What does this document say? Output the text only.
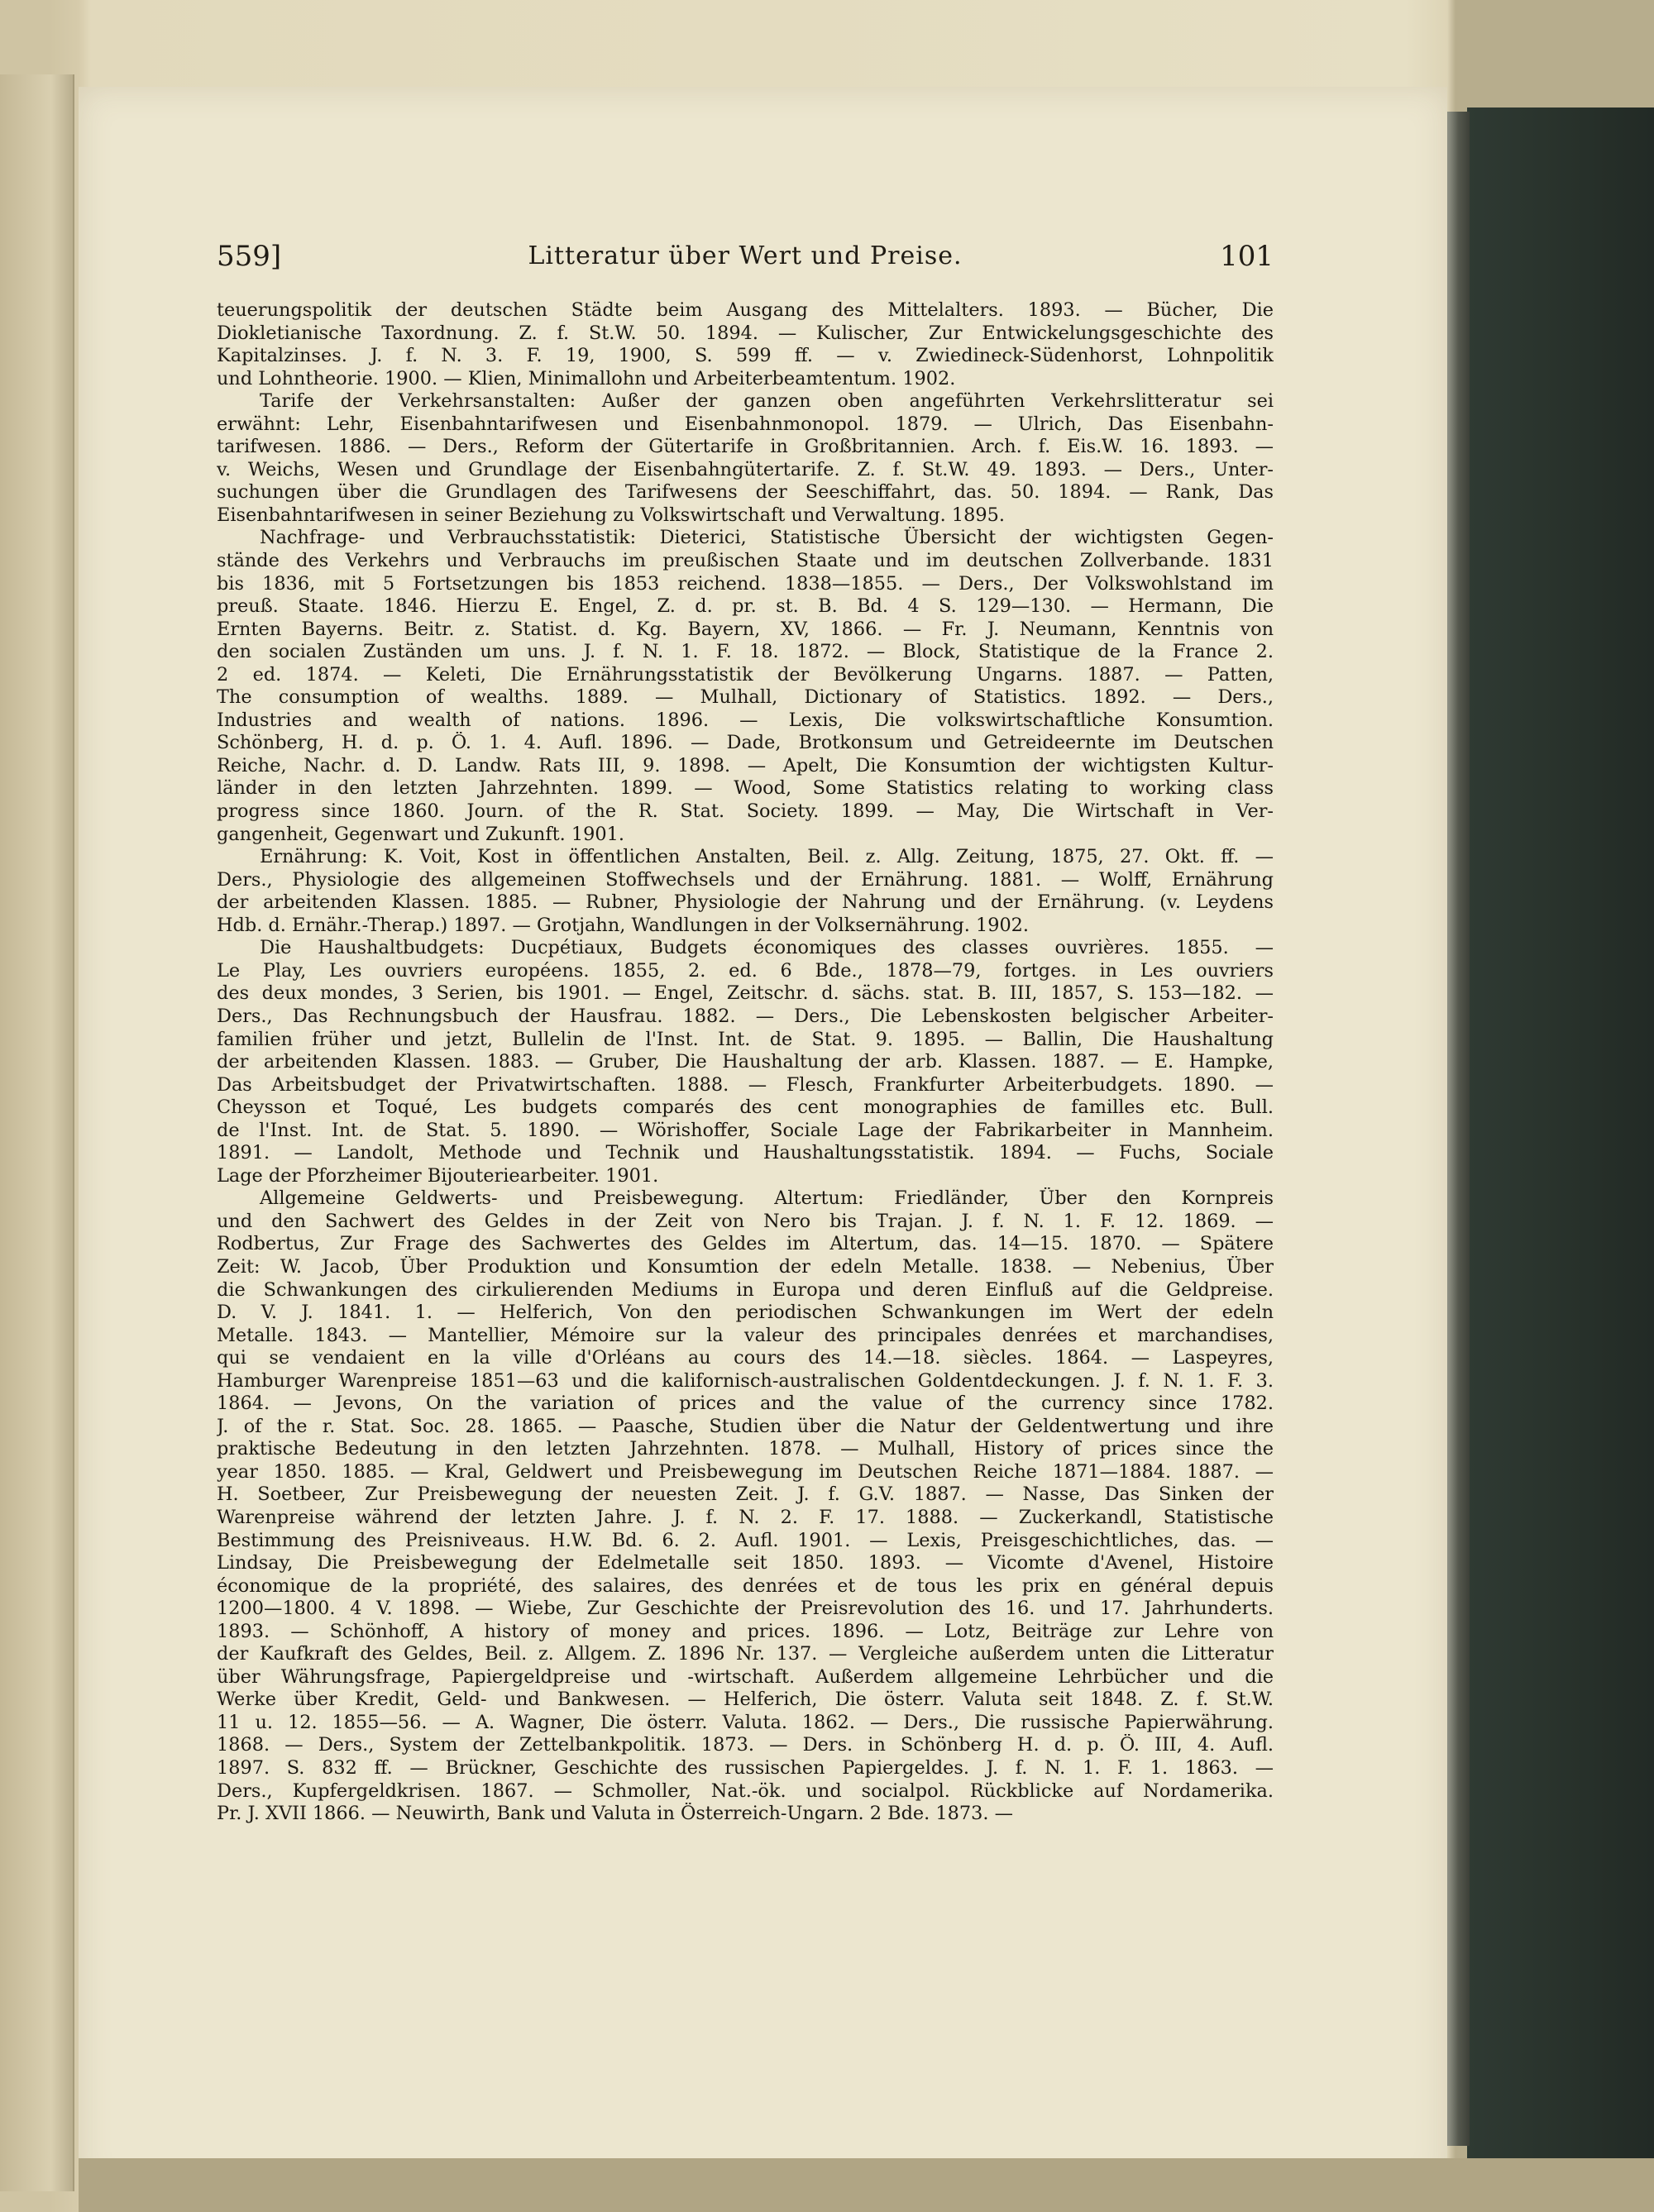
559]	Litteratur über Wert und Preise.	101
teuerungspolitik der deutschen Städte beim Ausgang des Mittelalters. 1893. — Bücher, Die
Diokletianische Taxordnung. Z. f. St.W. 50. 1894. — Kulischer, Zur Entwickelungsgeschichte des
Kapitalzinses. J. f. N. 3. F. 19, 1900, S. 599 ff. — v. Zwiedineck-Südenhorst, Lohnpolitik
und Lohntheorie. 1900. — Klien, Minimallohn und Arbeiterbeamtentum. 1902.
Tarife der Verkehrsanstalten: Außer der ganzen oben angeführten Verkehrslitteratur sei
erwähnt: Lehr, Eisenbahntarifwesen und Eisenbahnmonopol. 1879. — Ulrich, Das Eisenbahn-
tarifwesen. 1886. — Ders., Reform der Gütertarife in Großbritannien. Arch. f. Eis.W. 16. 1893. —
v. Weichs, Wesen und Grundlage der Eisenbahngütertarife. Z. f. St.W. 49. 1893. — Ders., Unter-
suchungen über die Grundlagen des Tarifwesens der Seeschiffahrt, das. 50. 1894. — Rank, Das
Eisenbahntarifwesen in seiner Beziehung zu Volkswirtschaft und Verwaltung. 1895.
Nachfrage- und Verbrauchsstatistik: Dieterici, Statistische Übersicht der wichtigsten Gegen-
stände des Verkehrs und Verbrauchs im preußischen Staate und im deutschen Zollverbande. 1831
bis 1836, mit 5 Fortsetzungen bis 1853 reichend. 1838—1855. — Ders., Der Volkswohlstand im
preuß. Staate. 1846. Hierzu E. Engel, Z. d. pr. st. B. Bd. 4 S. 129—130. — Hermann, Die
Ernten Bayerns. Beitr. z. Statist. d. Kg. Bayern, XV, 1866. — Fr. J. Neumann, Kenntnis von
den socialen Zuständen um uns. J. f. N. 1. F. 18. 1872. — Block, Statistique de la France 2.
2 ed. 1874. — Keleti, Die Ernährungsstatistik der Bevölkerung Ungarns. 1887. — Patten,
The consumption of wealths. 1889. — Mulhall, Dictionary of Statistics. 1892. — Ders.,
Industries and wealth of nations. 1896. — Lexis, Die volkswirtschaftliche Konsumtion.
Schönberg, H. d. p. Ö. 1. 4. Aufl. 1896. — Dade, Brotkonsum und Getreideernte im Deutschen
Reiche, Nachr. d. D. Landw. Rats III, 9. 1898. — Apelt, Die Konsumtion der wichtigsten Kultur-
länder in den letzten Jahrzehnten. 1899. — Wood, Some Statistics relating to working class
progress since 1860. Journ. of the R. Stat. Society. 1899. — May, Die Wirtschaft in Ver-
gangenheit, Gegenwart und Zukunft. 1901.
Ernährung: K. Voit, Kost in öffentlichen Anstalten, Beil. z. Allg. Zeitung, 1875, 27. Okt. ff. —
Ders., Physiologie des allgemeinen Stoffwechsels und der Ernährung. 1881. — Wolff, Ernährung
der arbeitenden Klassen. 1885. — Rubner, Physiologie der Nahrung und der Ernährung. (v. Leydens
Hdb. d. Ernähr.-Therap.) 1897. — Grotjahn, Wandlungen in der Volksernährung. 1902.
Die Haushaltbudgets: Ducpétiaux, Budgets économiques des classes ouvrières. 1855. —
Le Play, Les ouvriers européens. 1855, 2. ed. 6 Bde., 1878—79, fortges. in Les ouvriers
des deux mondes, 3 Serien, bis 1901. — Engel, Zeitschr. d. sächs. stat. B. III, 1857, S. 153—182. —
Ders., Das Rechnungsbuch der Hausfrau. 1882. — Ders., Die Lebenskosten belgischer Arbeiter-
familien früher und jetzt, Bullelin de l'Inst. Int. de Stat. 9. 1895. — Ballin, Die Haushaltung
der arbeitenden Klassen. 1883. — Gruber, Die Haushaltung der arb. Klassen. 1887. — E. Hampke,
Das Arbeitsbudget der Privatwirtschaften. 1888. — Flesch, Frankfurter Arbeiterbudgets. 1890. —
Cheysson et Toqué, Les budgets comparés des cent monographies de familles etc. Bull.
de l'Inst. Int. de Stat. 5. 1890. — Wörishoffer, Sociale Lage der Fabrikarbeiter in Mannheim.
1891. — Landolt, Methode und Technik und Haushaltungsstatistik. 1894. — Fuchs, Sociale
Lage der Pforzheimer Bijouteriearbeiter. 1901.
Allgemeine Geldwerts- und Preisbewegung. Altertum: Friedländer, Über den Kornpreis
und den Sachwert des Geldes in der Zeit von Nero bis Trajan. J. f. N. 1. F. 12. 1869. —
Rodbertus, Zur Frage des Sachwertes des Geldes im Altertum, das. 14—15. 1870. — Spätere
Zeit: W. Jacob, Über Produktion und Konsumtion der edeln Metalle. 1838. — Nebenius, Über
die Schwankungen des cirkulierenden Mediums in Europa und deren Einfluß auf die Geldpreise.
D. V. J. 1841. 1. — Helferich, Von den periodischen Schwankungen im Wert der edeln
Metalle. 1843. — Mantellier, Mémoire sur la valeur des principales denrées et marchandises,
qui se vendaient en la ville d'Orléans au cours des 14.—18. siècles. 1864. — Laspeyres,
Hamburger Warenpreise 1851—63 und die kalifornisch-australischen Goldentdeckungen. J. f. N. 1. F. 3.
1864. — Jevons, On the variation of prices and the value of the currency since 1782.
J. of the r. Stat. Soc. 28. 1865. — Paasche, Studien über die Natur der Geldentwertung und ihre
praktische Bedeutung in den letzten Jahrzehnten. 1878. — Mulhall, History of prices since the
year 1850. 1885. — Kral, Geldwert und Preisbewegung im Deutschen Reiche 1871—1884. 1887. —
H. Soetbeer, Zur Preisbewegung der neuesten Zeit. J. f. G.V. 1887. — Nasse, Das Sinken der
Warenpreise während der letzten Jahre. J. f. N. 2. F. 17. 1888. — Zuckerkandl, Statistische
Bestimmung des Preisniveaus. H.W. Bd. 6. 2. Aufl. 1901. — Lexis, Preisgeschichtliches, das. —
Lindsay, Die Preisbewegung der Edelmetalle seit 1850. 1893. — Vicomte d'Avenel, Histoire
économique de la propriété, des salaires, des denrées et de tous les prix en général depuis
1200—1800. 4 V. 1898. — Wiebe, Zur Geschichte der Preisrevolution des 16. und 17. Jahrhunderts.
1893. — Schönhoff, A history of money and prices. 1896. — Lotz, Beiträge zur Lehre von
der Kaufkraft des Geldes, Beil. z. Allgem. Z. 1896 Nr. 137. — Vergleiche außerdem unten die Litteratur
über Währungsfrage, Papiergeldpreise und -wirtschaft. Außerdem allgemeine Lehrbücher und die
Werke über Kredit, Geld- und Bankwesen. — Helferich, Die österr. Valuta seit 1848. Z. f. St.W.
11 u. 12. 1855—56. — A. Wagner, Die österr. Valuta. 1862. — Ders., Die russische Papierwährung.
1868. — Ders., System der Zettelbankpolitik. 1873. — Ders. in Schönberg H. d. p. Ö. III, 4. Aufl.
1897. S. 832 ff. — Brückner, Geschichte des russischen Papiergeldes. J. f. N. 1. F. 1. 1863. —
Ders., Kupfergeldkrisen. 1867. — Schmoller, Nat.-ök. und socialpol. Rückblicke auf Nordamerika.
Pr. J. XVII 1866. — Neuwirth, Bank und Valuta in Österreich-Ungarn. 2 Bde. 1873. —
